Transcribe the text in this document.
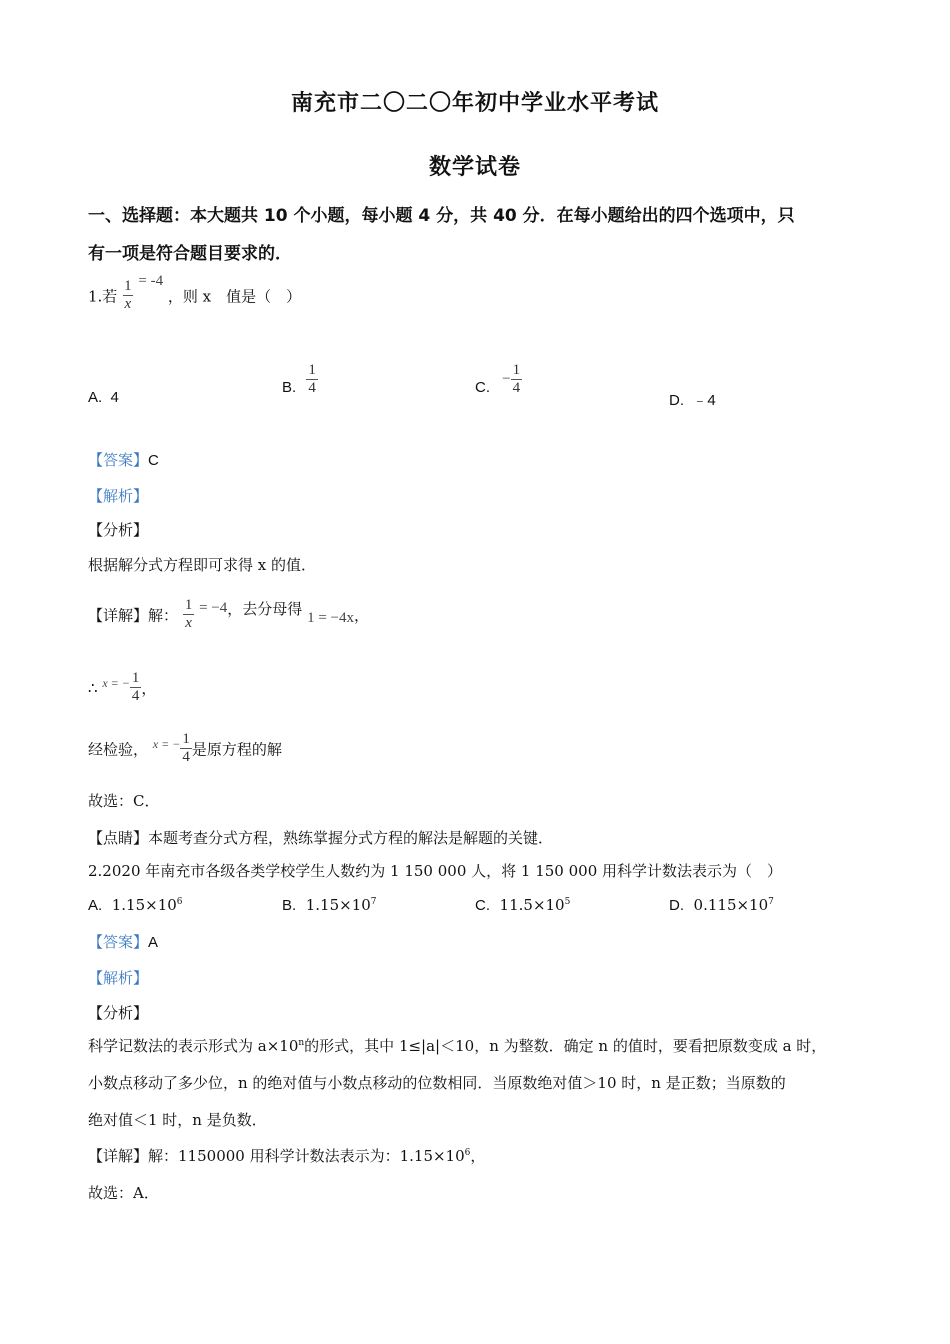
南充市二〇二〇年初中学业水平考试
数学试卷
一、选择题：本大题共 10 个小题，每小题 4 分，共 40 分．在每小题给出的四个选项中，只
有一项是符合题目要求的．
1.若 $\frac{1}{x} = -4$ ，则 x　值是（　）
A. 4
B. $\frac{1}{4}$	C. − $\frac{1}{4}$
D. ﹣4
【答案】C
【解析】
【分析】
根据解分式方程即可求得 x 的值．
【详解】解： $\frac{1}{x} = -4$，去分母得 1 = −4x，
∴ $^{x = -} \frac{1}{4}$ ，
经检验， $^{x = -} \frac{1}{4}$ 是原方程的解
故选：C．
【点睛】本题考查分式方程，熟练掌握分式方程的解法是解题的关键．
2.2020 年南充市各级各类学校学生人数约为 1 150 000 人，将 1 150 000 用科学计数法表示为（　）
A. $1.15\times 10^6$	B. $1.15\times 10^7$	C. $11.5\times 10^5$	D. $0.115\times 10^7$
【答案】A
【解析】
【分析】
科学记数法的表示形式为 $a\times 10^n$的形式，其中 1≤|a|＜10，n 为整数．确定 n 的值时，要看把原数变成 a 时，
小数点移动了多少位，n 的绝对值与小数点移动的位数相同．当原数绝对值＞10 时，n 是正数；当原数的
绝对值＜1 时，n 是负数．
【详解】解：1150000 用科学计数法表示为：$1.15\times 10^6$，
故选：A．
